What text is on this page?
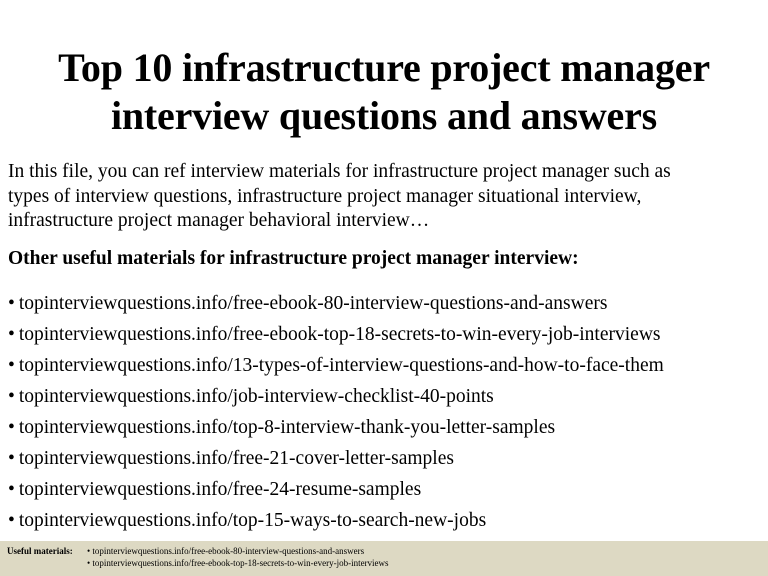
Top 10 infrastructure project manager
interview questions and answers
In this file, you can ref interview materials for infrastructure project manager such as
types of interview questions, infrastructure project manager situational interview,
infrastructure project manager behavioral interview…
Other useful materials for infrastructure project manager interview:
• topinterviewquestions.info/free-ebook-80-interview-questions-and-answers
• topinterviewquestions.info/free-ebook-top-18-secrets-to-win-every-job-interviews
• topinterviewquestions.info/13-types-of-interview-questions-and-how-to-face-them
• topinterviewquestions.info/job-interview-checklist-40-points
• topinterviewquestions.info/top-8-interview-thank-you-letter-samples
• topinterviewquestions.info/free-21-cover-letter-samples
• topinterviewquestions.info/free-24-resume-samples
• topinterviewquestions.info/top-15-ways-to-search-new-jobs
Useful materials: • topinterviewquestions.info/free-ebook-80-interview-questions-and-answers
• topinterviewquestions.info/free-ebook-top-18-secrets-to-win-every-job-interviews
